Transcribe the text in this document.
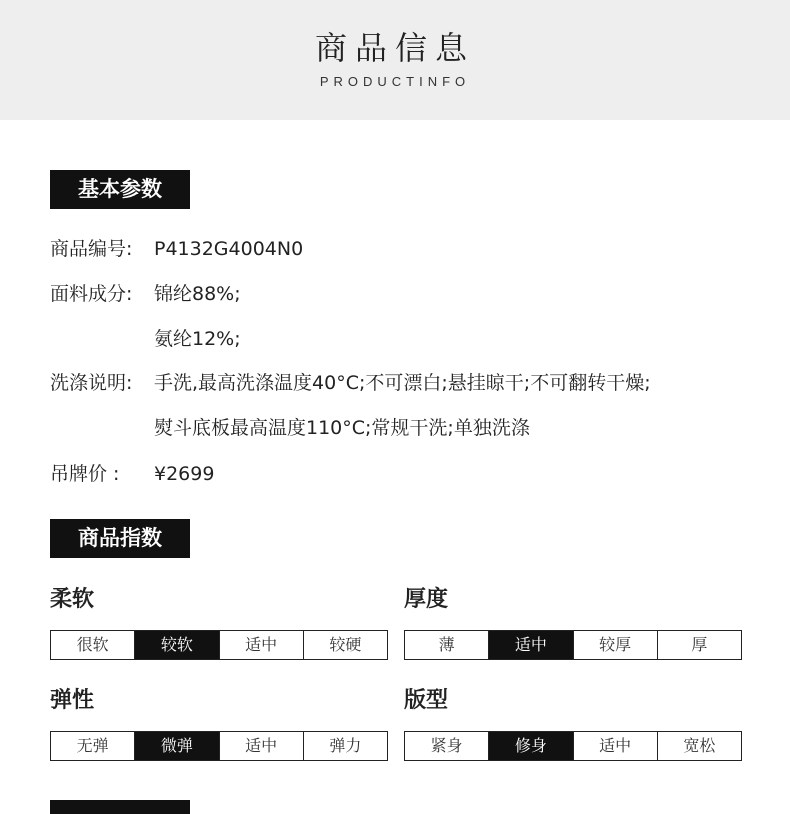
商品信息
PRODUCTINFO
基本参数
商品编号:	P4132G4004N0
面料成分:	锦纶88%;
氨纶12%;
洗涤说明:	手洗,最高洗涤温度40°C;不可漂白;悬挂晾干;不可翻转干燥;
熨斗底板最高温度110°C;常规干洗;单独洗涤
吊牌价 :	¥2699
商品指数
柔软
很软	较软	适中	较硬
厚度
薄	适中	较厚	厚
弹性
无弹	微弹	适中	弹力
版型
紧身	修身	适中	宽松
